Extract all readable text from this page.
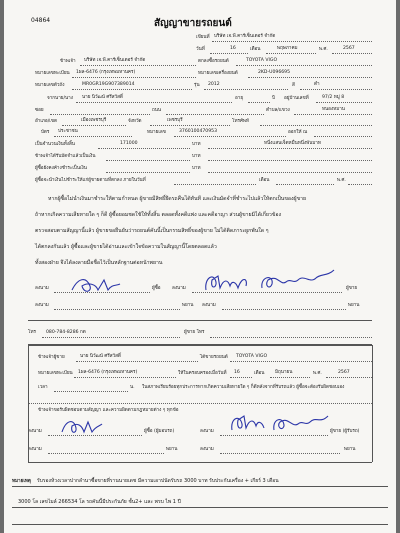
04864	สัญญาขายรถยนต์
เขียนที่ บริษัท เจ.พี.คาร์เซ็นเตอร์ จำกัด
วันที่	16	เดือน	พฤษภาคม	พ.ศ.	2567
ข้าพเจ้า บริษัท เจ.พี.คาร์เซ็นเตอร์ จำกัด	ตกลงซื้อรถยนต์	TOYOTA VIGO
หมายเลขทะเบียน 1ผล-6476 (กรุงเทพมหานคร)	หมายเลขเครื่องยนต์	2KD-U096695
หมายเลขตัวถัง	MR0GR19G907389014	รุ่น 2012	สี	ดำ
จากนาย/นาง นาย นิวัฒน์ ศรีสวัสดิ์	อายุ	ปี อยู่บ้านเลขที่	97/2 หมู่ 8
ซอย	ถนน	ตำบล/แขวง	หนองหมาน
อำเภอ/เขต	เมืองเพชรบุรี	จังหวัด	เพชรบุรี	โทรศัพท์
บัตร ประชาชน	หมายเลข	3760100470953	ออกให้ ณ
เป็นจำนวนเงินทั้งสิ้น	171000	บาท	หนึ่งแสนเจ็ดหมื่นหนึ่งพันบาท
ข้าพเจ้าได้รับมัดจำแล้วเป็นเงิน	บาท
ผู้ซื้อยังคงค้างชำระเป็นเงิน	บาท
ผู้ซื้อจะนำเงินไปชำระให้แก่ผู้ขายตามที่ตกลง ภายในวันที่	เดือน	พ.ศ.
หากผู้ซื้อไม่นำเงินมาชำระให้ตามกำหนด ผู้ขายมีสิทธิ์ยึดรถคืนได้ทันที และเงินมัดจำที่ชำระไปแล้วให้ตกเป็นของผู้ขาย
ถ้าหากเกิดความเสียหายใด ๆ ก็ดี ผู้ซื้อยอมชดใช้ให้ทั้งสิ้น ตลอดทั้งคดีแพ่ง และคดีอาญา ส่วนผู้ขายมิได้เกี่ยวข้อง
ตรวจสอบตามสัญญานี้แล้ว ผู้ขายขอยืนยันว่ารถยนต์คันนี้เป็นกรรมสิทธิ์ของผู้ขาย ไม่ได้ติดภาระผูกพันใด ๆ
ได้ตกลงกันแล้ว ผู้ซื้อและผู้ขายได้อ่านและเข้าใจข้อความในสัญญานี้โดยตลอดแล้ว
ทั้งสองฝ่าย จึงได้ลงลายมือชื่อไว้เป็นหลักฐานต่อหน้าพยาน
ลงนาม	ผู้ซื้อ ลงนาม	ผู้ขาย
ลงนาม	พยาน ลงนาม	พยาน
โทร 080-784-8286 กต	ผู้ขาย โทร
ข้าพเจ้าผู้ขาย	นาย นิวัฒน์ ศรีสวัสดิ์	ได้ขายรถยนต์ TOYOTA VIGO
หมายเลขทะเบียน 1ผล-6476 (กรุงเทพมหานคร)	ให้ในครอบครองเมื่อวันที่ 16	เดือน มิถุนายน	พ.ศ.	2567
เวลา	น. ในสภาพเรียบร้อยทุกประการหากเกิดความเสียหายใด ๆ ก็ดีหลังจากที่รับรถแล้ว ผู้ซื้อจะต้องรับผิดชอบเอง
ข้าพเจ้าขอรับผิดชอบตามสัญญา และความผิดตามกฎหมายต่าง ๆ ทุกข้อ
ลงนาม	ผู้ซื้อ (ผู้มอบรถ)	ลงนาม	ผู้ขาย (ผู้รับรถ)
ลงนาม	พยาน	ลงนาม	พยาน
หมายเหตุ รับรองห้วงเวลาปากลำนาซื้อขายที่รานนายเดช มีความเอาปนัดรับรถ 3000 บาท รับประกันเครื่อง + เกียร์ 3 เดือน
3000 โล เลขไมล์ 266534 โล รถคันนี้มีประกันภัย ชั้น2+ และ พรบ ไพ 1 ปี
